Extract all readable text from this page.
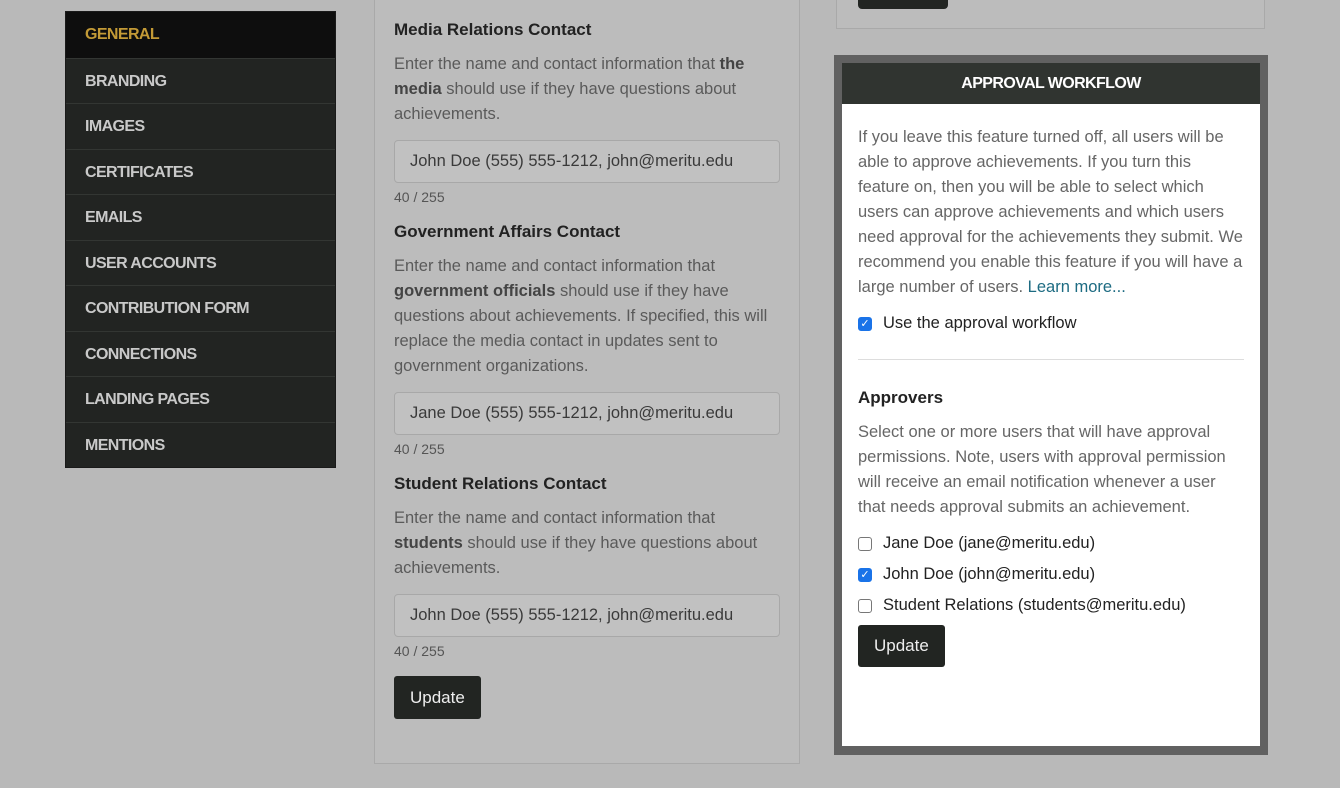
GENERAL
BRANDING
IMAGES
CERTIFICATES
EMAILS
USER ACCOUNTS
CONTRIBUTION FORM
CONNECTIONS
LANDING PAGES
MENTIONS
Media Relations Contact

Enter the name and contact information that the media should use if they have questions about achievements.

John Doe (555) 555-1212, john@meritu.edu
40 / 255
Government Affairs Contact

Enter the name and contact information that government officials should use if they have questions about achievements. If specified, this will replace the media contact in updates sent to government organizations.

Jane Doe (555) 555-1212, john@meritu.edu
40 / 255
Student Relations Contact

Enter the name and contact information that students should use if they have questions about achievements.

John Doe (555) 555-1212, john@meritu.edu
40 / 255
Update
APPROVAL WORKFLOW

If you leave this feature turned off, all users will be able to approve achievements. If you turn this feature on, then you will be able to select which users can approve achievements and which users need approval for the achievements they submit. We recommend you enable this feature if you will have a large number of users. Learn more...

✓ Use the approval workflow
Approvers

Select one or more users that will have approval permissions. Note, users with approval permission will receive an email notification whenever a user that needs approval submits an achievement.

Jane Doe (jane@meritu.edu)
✓ John Doe (john@meritu.edu)
Student Relations (students@meritu.edu)
Update
